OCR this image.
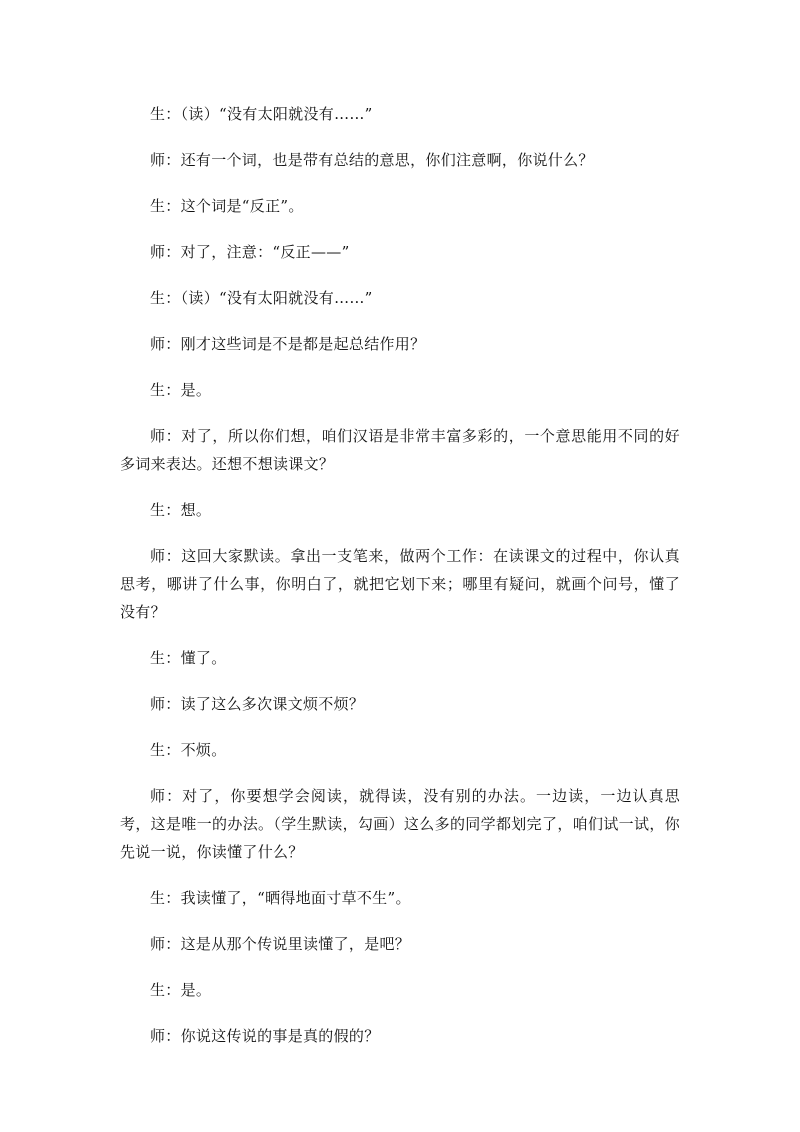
生：（读）“没有太阳就没有……”

师：还有一个词，也是带有总结的意思，你们注意啊，你说什么？

生：这个词是“反正”。

师：对了，注意：“反正——”

生：（读）“没有太阳就没有……”

师：刚才这些词是不是都是起总结作用？

生：是。

师：对了，所以你们想，咱们汉语是非常丰富多彩的，一个意思能用不同的好多词来表达。还想不想读课文？

生：想。

师：这回大家默读。拿出一支笔来，做两个工作：在读课文的过程中，你认真思考，哪讲了什么事，你明白了，就把它划下来；哪里有疑问，就画个问号，懂了没有？

生：懂了。

师：读了这么多次课文烦不烦？

生：不烦。

师：对了，你要想学会阅读，就得读，没有别的办法。一边读，一边认真思考，这是唯一的办法。（学生默读，勾画）这么多的同学都划完了，咱们试一试，你先说一说，你读懂了什么？

生：我读懂了，“晒得地面寸草不生”。

师：这是从那个传说里读懂了，是吧？

生：是。

师：你说这传说的事是真的假的？
